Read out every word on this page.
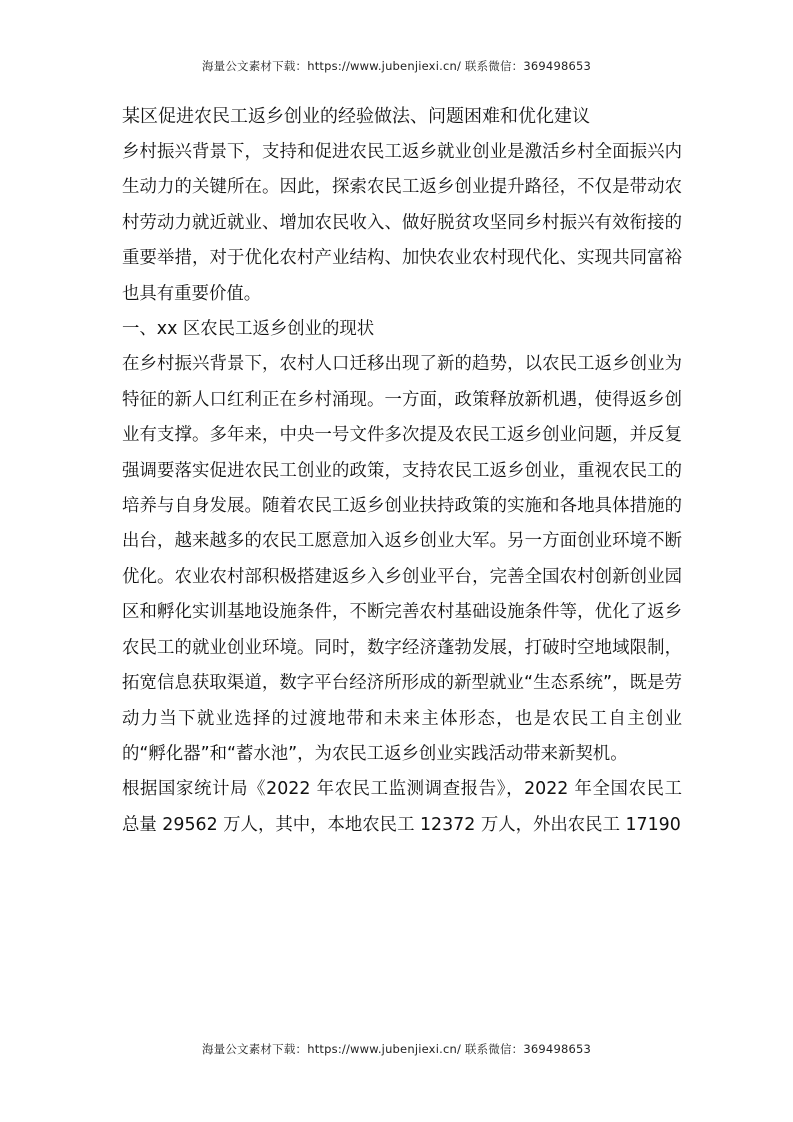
海量公文素材下载：https://www.jubenjiexi.cn/ 联系微信：369498653

某区促进农民工返乡创业的经验做法、问题困难和优化建议

乡村振兴背景下，支持和促进农民工返乡就业创业是激活乡村全面振兴内生动力的关键所在。因此，探索农民工返乡创业提升路径，不仅是带动农村劳动力就近就业、增加农民收入、做好脱贫攻坚同乡村振兴有效衔接的重要举措，对于优化农村产业结构、加快农业农村现代化、实现共同富裕也具有重要价值。

一、xx 区农民工返乡创业的现状

在乡村振兴背景下，农村人口迁移出现了新的趋势，以农民工返乡创业为特征的新人口红利正在乡村涌现。一方面，政策释放新机遇，使得返乡创业有支撑。多年来，中央一号文件多次提及农民工返乡创业问题，并反复强调要落实促进农民工创业的政策，支持农民工返乡创业，重视农民工的培养与自身发展。随着农民工返乡创业扶持政策的实施和各地具体措施的出台，越来越多的农民工愿意加入返乡创业大军。另一方面创业环境不断优化。农业农村部积极搭建返乡入乡创业平台，完善全国农村创新创业园区和孵化实训基地设施条件，不断完善农村基础设施条件等，优化了返乡农民工的就业创业环境。同时，数字经济蓬勃发展，打破时空地域限制，拓宽信息获取渠道，数字平台经济所形成的新型就业“生态系统”，既是劳动力当下就业选择的过渡地带和未来主体形态，也是农民工自主创业的“孵化器”和“蓄水池”，为农民工返乡创业实践活动带来新契机。

根据国家统计局《2022 年农民工监测调查报告》，2022 年全国农民工总量 29562 万人，其中，本地农民工 12372 万人，外出农民工 17190

海量公文素材下载：https://www.jubenjiexi.cn/ 联系微信：369498653
